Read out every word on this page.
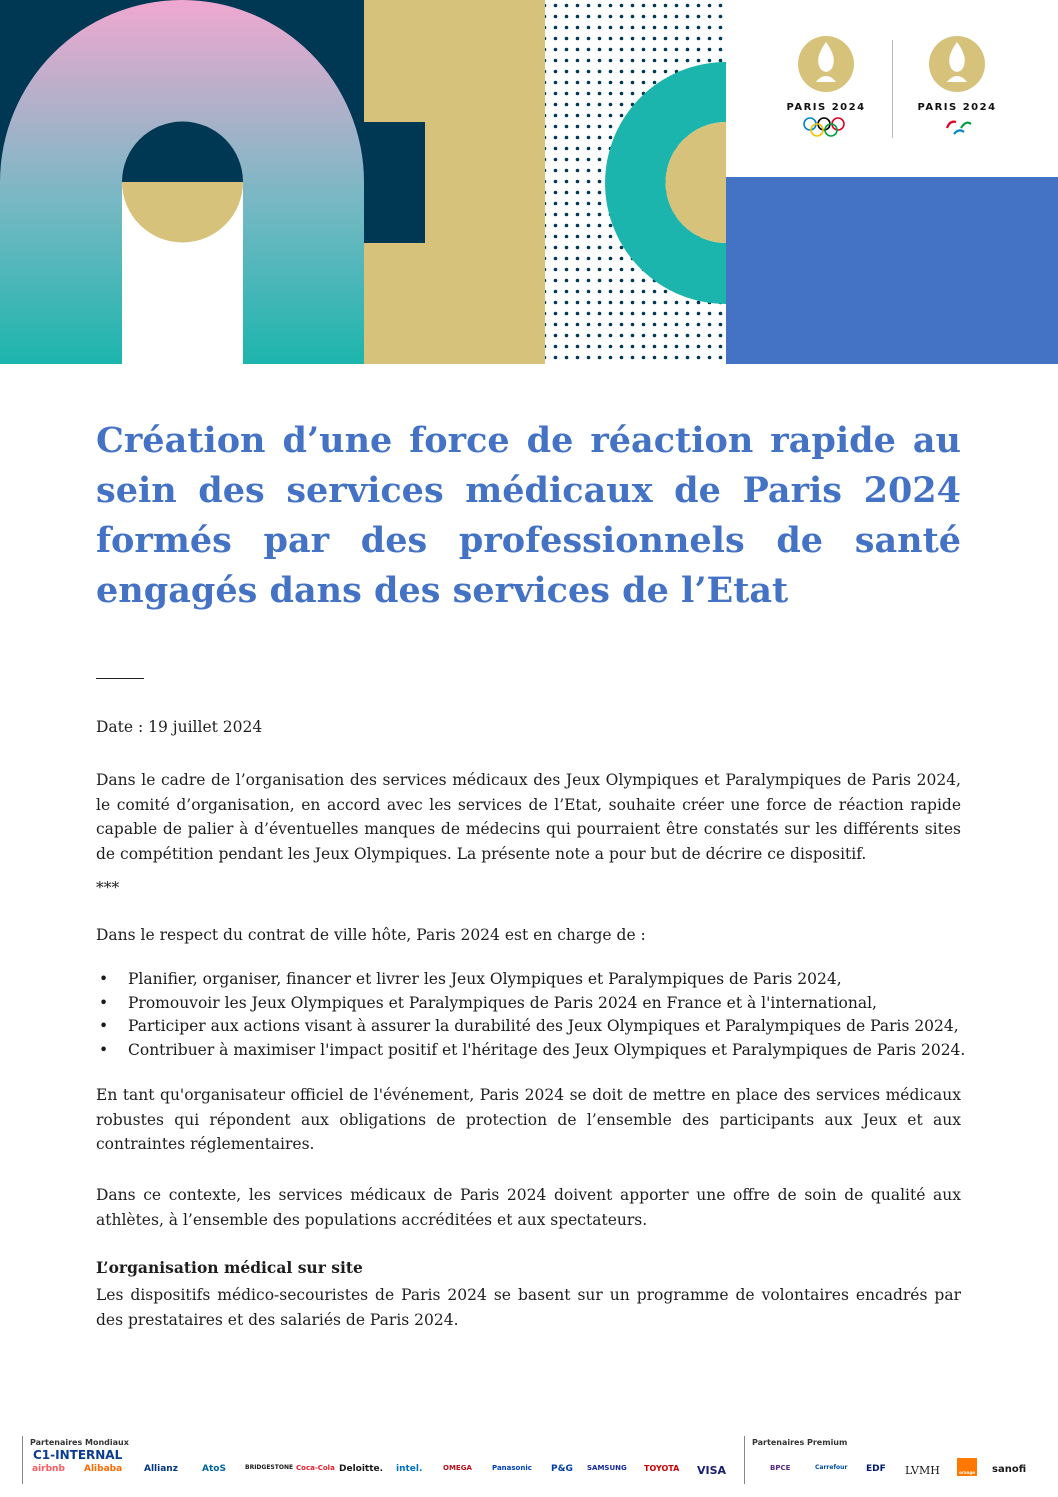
PARIS 2024	PARIS 2024
Création d’une force de réaction rapide au sein des services médicaux de Paris 2024 formés par des professionnels de santé engagés dans des services de l’Etat

Date : 19 juillet 2024

Dans le cadre de l’organisation des services médicaux des Jeux Olympiques et Paralympiques de Paris 2024, le comité d’organisation, en accord avec les services de l’Etat, souhaite créer une force de réaction rapide capable de palier à d’éventuelles manques de médecins qui pourraient être constatés sur les différents sites de compétition pendant les Jeux Olympiques. La présente note a pour but de décrire ce dispositif.

***

Dans le respect du contrat de ville hôte, Paris 2024 est en charge de :

• Planifier, organiser, financer et livrer les Jeux Olympiques et Paralympiques de Paris 2024,
• Promouvoir les Jeux Olympiques et Paralympiques de Paris 2024 en France et à l'international,
• Participer aux actions visant à assurer la durabilité des Jeux Olympiques et Paralympiques de Paris 2024,
• Contribuer à maximiser l'impact positif et l'héritage des Jeux Olympiques et Paralympiques de Paris 2024.

En tant qu'organisateur officiel de l'événement, Paris 2024 se doit de mettre en place des services médicaux robustes qui répondent aux obligations de protection de l’ensemble des participants aux Jeux et aux contraintes réglementaires.

Dans ce contexte, les services médicaux de Paris 2024 doivent apporter une offre de soin de qualité aux athlètes, à l’ensemble des populations accréditées et aux spectateurs.

L’organisation médical sur site

Les dispositifs médico-secouristes de Paris 2024 se basent sur un programme de volontaires encadrés par des prestataires et des salariés de Paris 2024.

Partenaires Mondiaux	Partenaires Premium
C1-INTERNAL
airbnb Alibaba Allianz	AtoS	BRIDGESTONE Coca-Cola Deloitte. intel.	OMEGA	Panasonic P&G SAMSUNG TOYOTA VISA	BPCE	Carrefour EDF LVMH	orange sanofi
